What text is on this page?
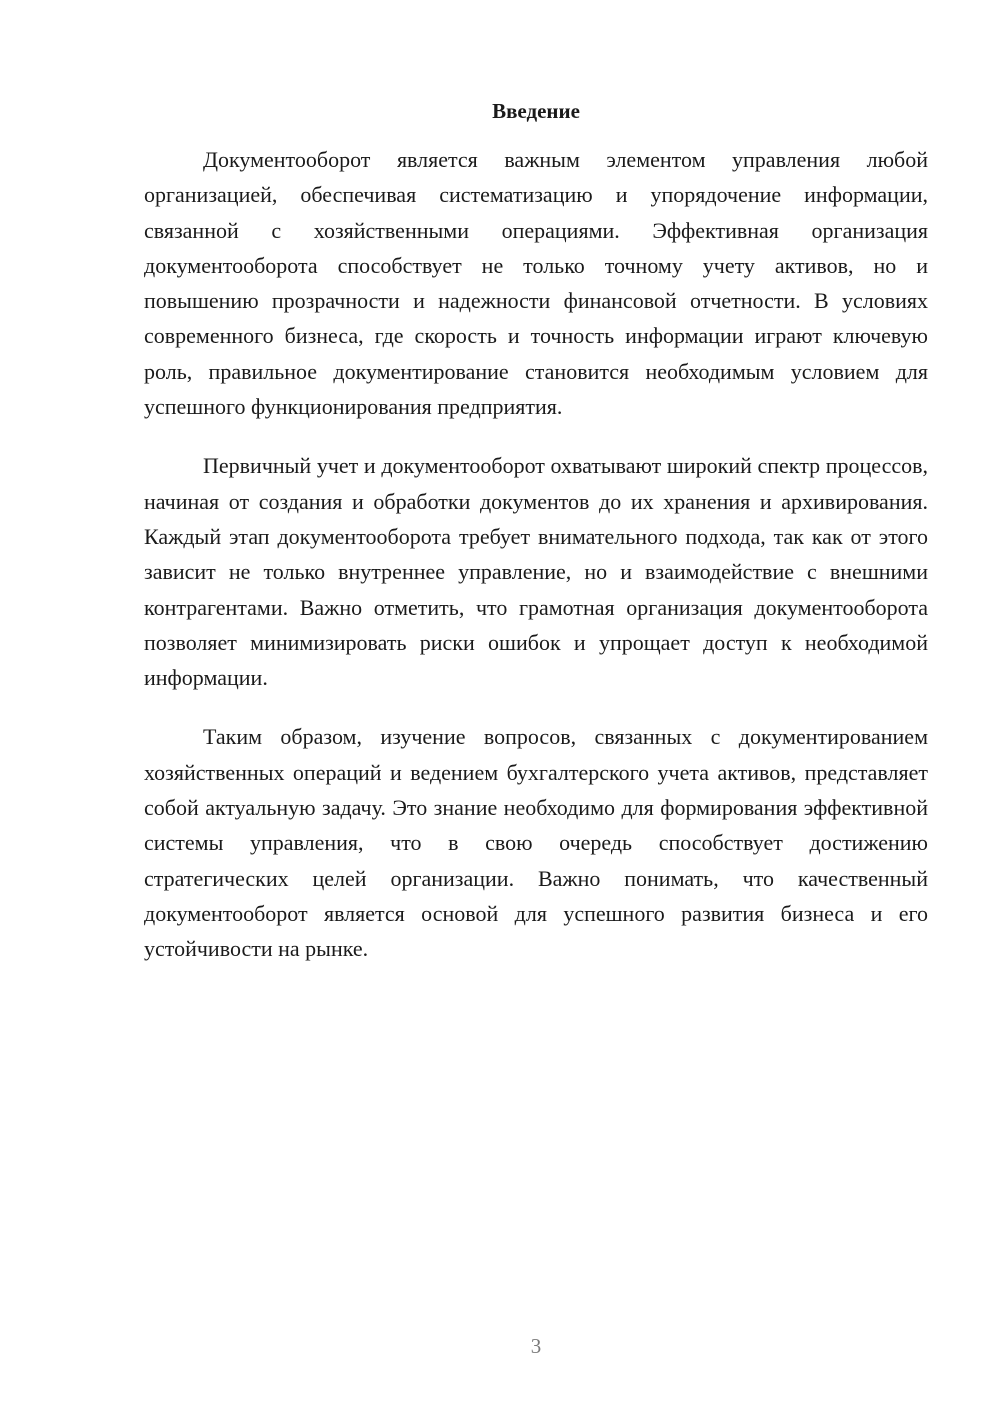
Введение

Документооборот является важным элементом управления любой организацией, обеспечивая систематизацию и упорядочение информации, связанной с хозяйственными операциями. Эффективная организация документооборота способствует не только точному учету активов, но и повышению прозрачности и надежности финансовой отчетности. В условиях современного бизнеса, где скорость и точность информации играют ключевую роль, правильное документирование становится необходимым условием для успешного функционирования предприятия.

Первичный учет и документооборот охватывают широкий спектр процессов, начиная от создания и обработки документов до их хранения и архивирования. Каждый этап документооборота требует внимательного подхода, так как от этого зависит не только внутреннее управление, но и взаимодействие с внешними контрагентами. Важно отметить, что грамотная организация документооборота позволяет минимизировать риски ошибок и упрощает доступ к необходимой информации.

Таким образом, изучение вопросов, связанных с документированием хозяйственных операций и ведением бухгалтерского учета активов, представляет собой актуальную задачу. Это знание необходимо для формирования эффективной системы управления, что в свою очередь способствует достижению стратегических целей организации. Важно понимать, что качественный документооборот является основой для успешного развития бизнеса и его устойчивости на рынке.

3
